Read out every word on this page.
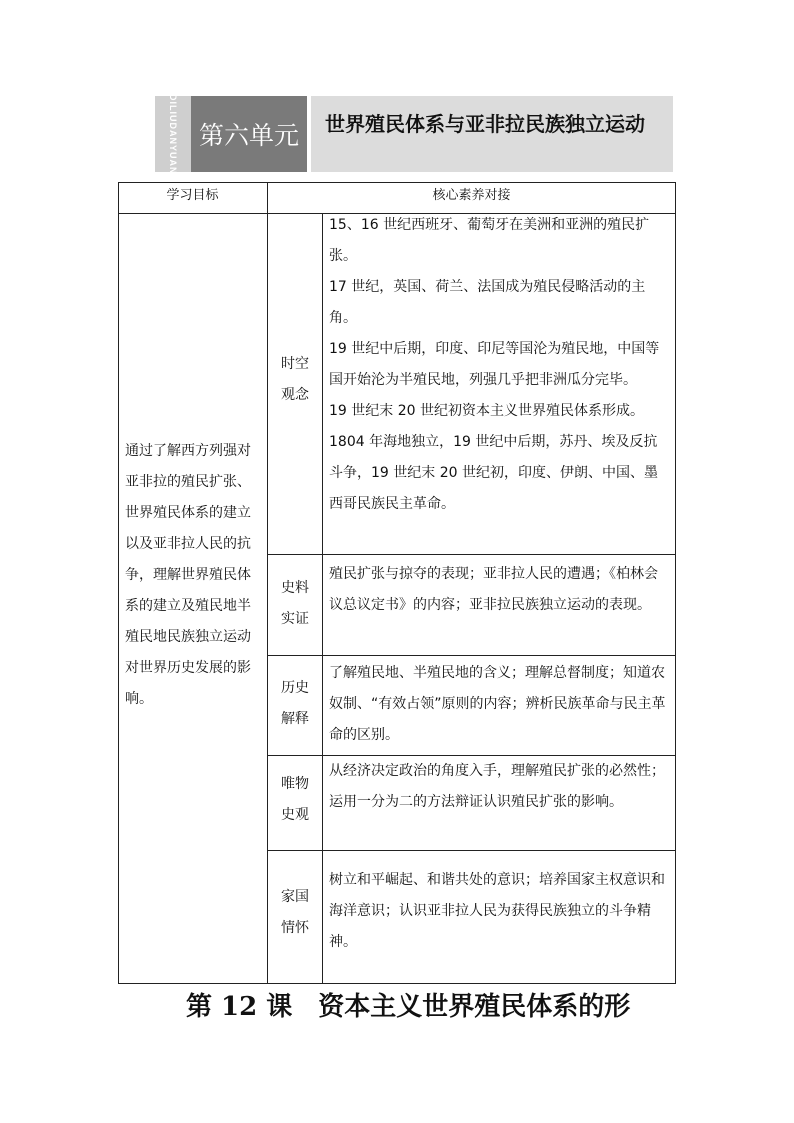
DILIUDANYUAN 第六单元 世界殖民体系与亚非拉民族独立运动
学习目标	核心素养对接
通过了解西方列强对亚非拉的殖民扩张、世界殖民体系的建立以及亚非拉人民的抗争，理解世界殖民体系的建立及殖民地半殖民地民族独立运动对世界历史发展的影响。
时空观念

15、16 世纪西班牙、葡萄牙在美洲和亚洲的殖民扩张。

17 世纪，英国、荷兰、法国成为殖民侵略活动的主角。

19 世纪中后期，印度、印尼等国沦为殖民地，中国等国开始沦为半殖民地，列强几乎把非洲瓜分完毕。

19 世纪末 20 世纪初资本主义世界殖民体系形成。

1804 年海地独立，19 世纪中后期，苏丹、埃及反抗斗争，19 世纪末 20 世纪初，印度、伊朗、中国、墨西哥民族民主革命。

史料实证

殖民扩张与掠夺的表现；亚非拉人民的遭遇；《柏林会议总议定书》的内容；亚非拉民族独立运动的表现。

历史解释

了解殖民地、半殖民地的含义；理解总督制度；知道农奴制、“有效占领”原则的内容；辨析民族革命与民主革命的区别。

唯物史观

从经济决定政治的角度入手，理解殖民扩张的必然性；运用一分为二的方法辩证认识殖民扩张的影响。

家国情怀

树立和平崛起、和谐共处的意识；培养国家主权意识和海洋意识；认识亚非拉人民为获得民族独立的斗争精神。

第 12 课　资本主义世界殖民体系的形
